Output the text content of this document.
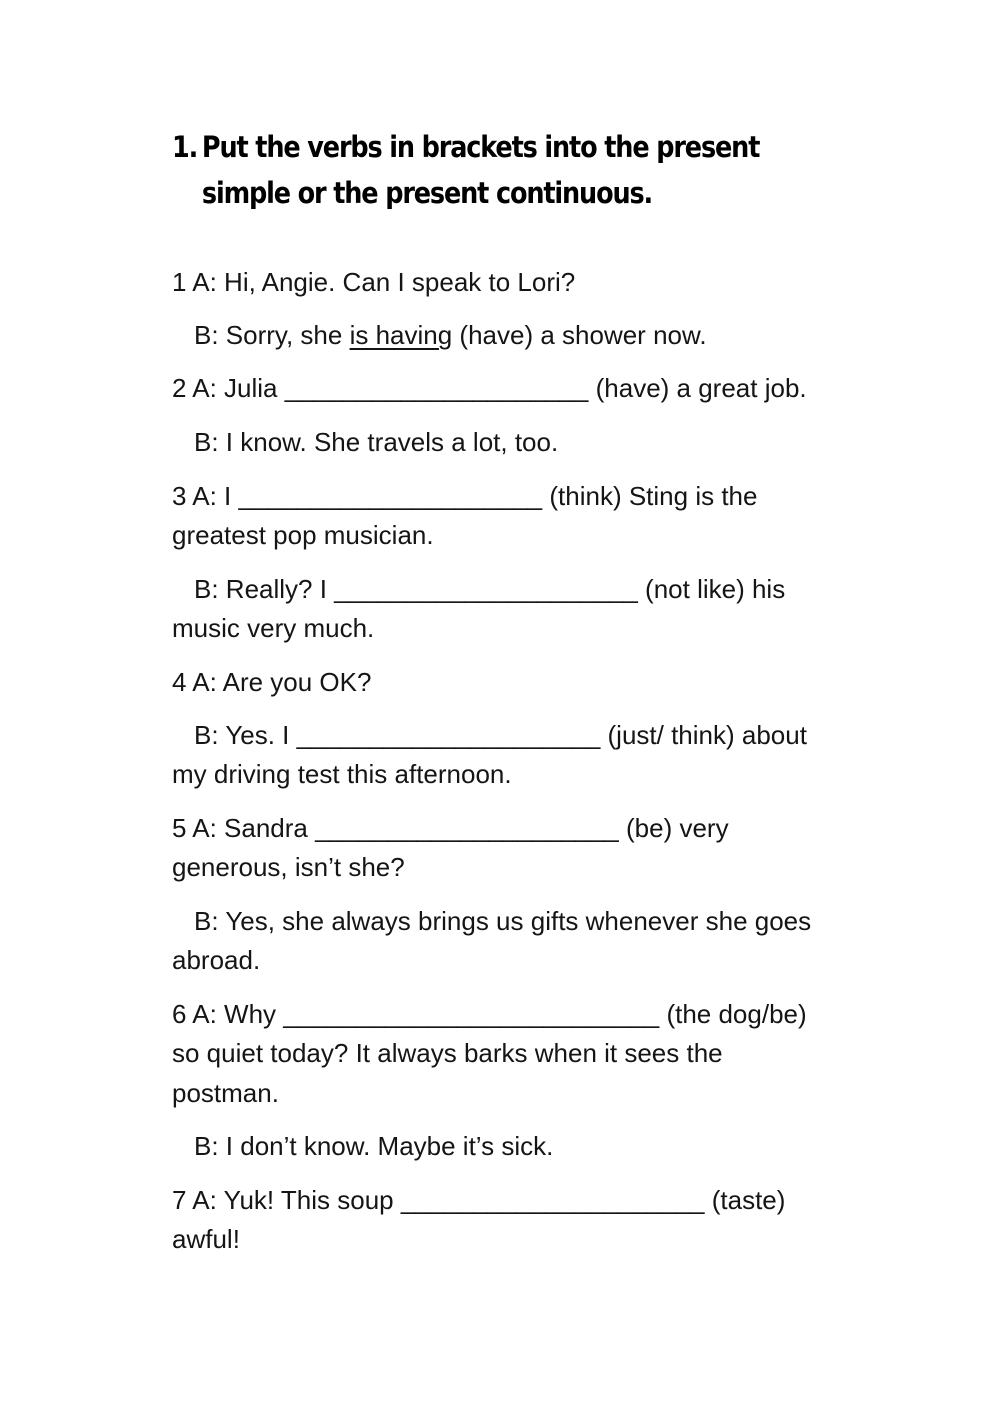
1. Put the verbs in brackets into the present
simple or the present continuous.
1 A: Hi, Angie. Can I speak to Lori?
B: Sorry, she is having (have) a shower now.
2 A: Julia _____________________ (have) a great job.
B: I know. She travels a lot, too.
3 A: I _____________________ (think) Sting is the
greatest pop musician.
B: Really? I _____________________ (not like) his
music very much.
4 A: Are you OK?
B: Yes. I _____________________ (just/ think) about
my driving test this afternoon.
5 A: Sandra _____________________ (be) very
generous, isn’t she?
B: Yes, she always brings us gifts whenever she goes
abroad.
6 A: Why __________________________ (the dog/be)
so quiet today? It always barks when it sees the
postman.
B: I don’t know. Maybe it’s sick.
7 A: Yuk! This soup _____________________ (taste)
awful!
